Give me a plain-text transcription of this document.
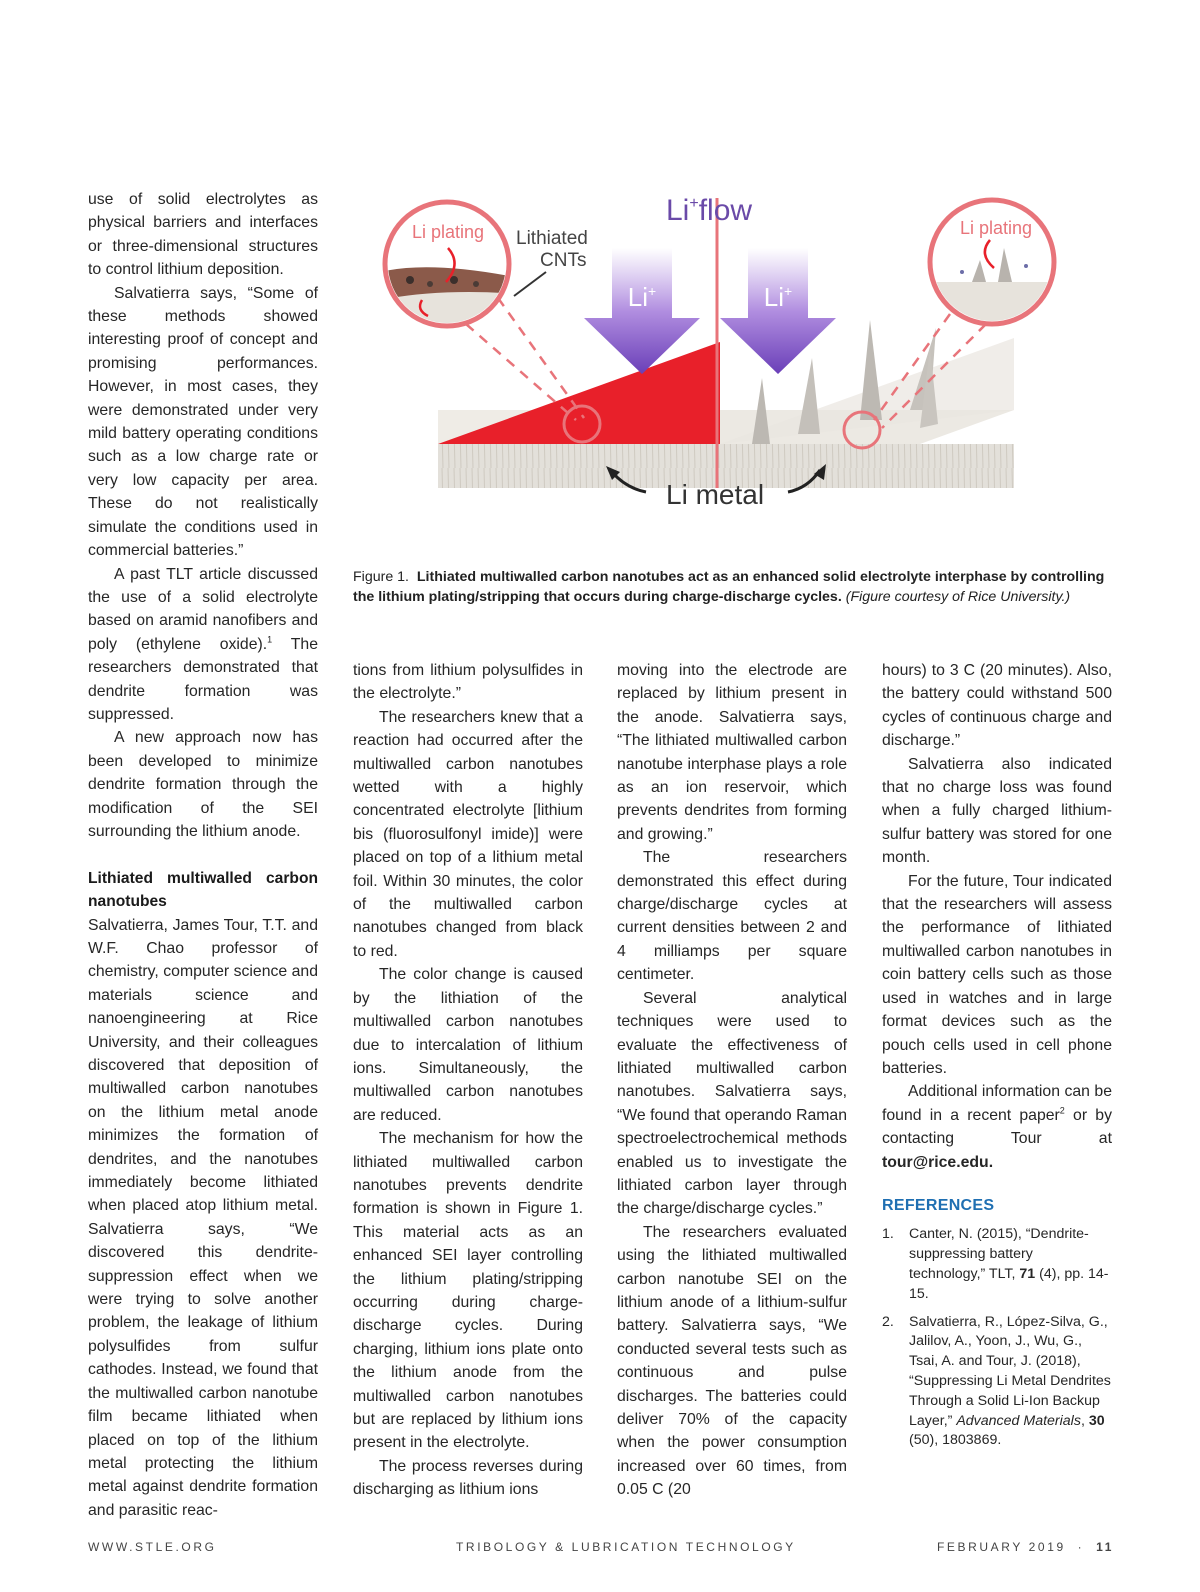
use of solid electrolytes as physical barriers and interfaces or three-dimensional structures to control lithium deposition.

Salvatierra says, “Some of these methods showed interesting proof of concept and promising performances. However, in most cases, they were demonstrated under very mild battery operating conditions such as a low charge rate or very low capacity per area. These do not realistically simulate the conditions used in commercial batteries.”

A past TLT article discussed the use of a solid electrolyte based on aramid nanofibers and poly (ethylene oxide).$^1$ The researchers demonstrated that dendrite formation was suppressed.

A new approach now has been developed to minimize dendrite formation through the modification of the SEI surrounding the lithium anode.

Lithiated multiwalled carbon nanotubes

Salvatierra, James Tour, T.T. and W.F. Chao professor of chemistry, computer science and materials science and nanoengineering at Rice University, and their colleagues discovered that deposition of multiwalled carbon nanotubes on the lithium metal anode minimizes the formation of dendrites, and the nanotubes immediately become lithiated when placed atop lithium metal. Salvatierra says, “We discovered this dendrite-suppression effect when we were trying to solve another problem, the leakage of lithium polysulfides from sulfur cathodes. Instead, we found that the multiwalled carbon nanotube film became lithiated when placed on top of the lithium metal protecting the lithium metal against dendrite formation and parasitic reac-

Li+	Li+
Li+flow
Li plating	Li plating
Lithiated
CNTs
Li metal
Figure 1. Lithiated multiwalled carbon nanotubes act as an enhanced solid electrolyte interphase by controlling the lithium plating/stripping that occurs during charge-discharge cycles. (Figure courtesy of Rice University.)

tions from lithium polysulfides in the electrolyte.”

The researchers knew that a reaction had occurred after the multiwalled carbon nanotubes wetted with a highly concentrated electrolyte [lithium bis (fluorosulfonyl imide)] were placed on top of a lithium metal foil. Within 30 minutes, the color of the multiwalled carbon nanotubes changed from black to red.

The color change is caused by the lithiation of the multiwalled carbon nanotubes due to intercalation of lithium ions. Simultaneously, the multiwalled carbon nanotubes are reduced.

The mechanism for how the lithiated multiwalled carbon nanotubes prevents dendrite formation is shown in Figure 1. This material acts as an enhanced SEI layer controlling the lithium plating/stripping occurring during charge-discharge cycles. During charging, lithium ions plate onto the lithium anode from the multiwalled carbon nanotubes but are replaced by lithium ions present in the electrolyte.

The process reverses during discharging as lithium ions

moving into the electrode are replaced by lithium present in the anode. Salvatierra says, “The lithiated multiwalled carbon nanotube interphase plays a role as an ion reservoir, which prevents dendrites from forming and growing.”

The researchers demonstrated this effect during charge/discharge cycles at current densities between 2 and 4 milliamps per square centimeter.

Several analytical techniques were used to evaluate the effectiveness of lithiated multiwalled carbon nanotubes. Salvatierra says, “We found that operando Raman spectroelectrochemical methods enabled us to investigate the lithiated carbon layer through the charge/discharge cycles.”

The researchers evaluated using the lithiated multiwalled carbon nanotube SEI on the lithium anode of a lithium-sulfur battery. Salvatierra says, “We conducted several tests such as continuous and pulse discharges. The batteries could deliver 70% of the capacity when the power consumption increased over 60 times, from 0.05 C (20

hours) to 3 C (20 minutes). Also, the battery could withstand 500 cycles of continuous charge and discharge.”

Salvatierra also indicated that no charge loss was found when a fully charged lithium-sulfur battery was stored for one month.

For the future, Tour indicated that the researchers will assess the performance of lithiated multiwalled carbon nanotubes in coin battery cells such as those used in watches and in large format devices such as the pouch cells used in cell phone batteries.

Additional information can be found in a recent paper$^2$ or by contacting Tour at tour@rice.edu.

REFERENCES
1. Canter, N. (2015), “Dendrite-suppressing battery technology,” TLT, 71 (4), pp. 14-15.
2. Salvatierra, R., López-Silva, G., Jalilov, A., Yoon, J., Wu, G., Tsai, A. and Tour, J. (2018), “Suppressing Li Metal Dendrites Through a Solid Li-Ion Backup Layer,” Advanced Materials, 30 (50), 1803869.
WWW.STLE.ORG	TRIBOLOGY & LUBRICATION TECHNOLOGY	FEBRUARY 2019 · 11
